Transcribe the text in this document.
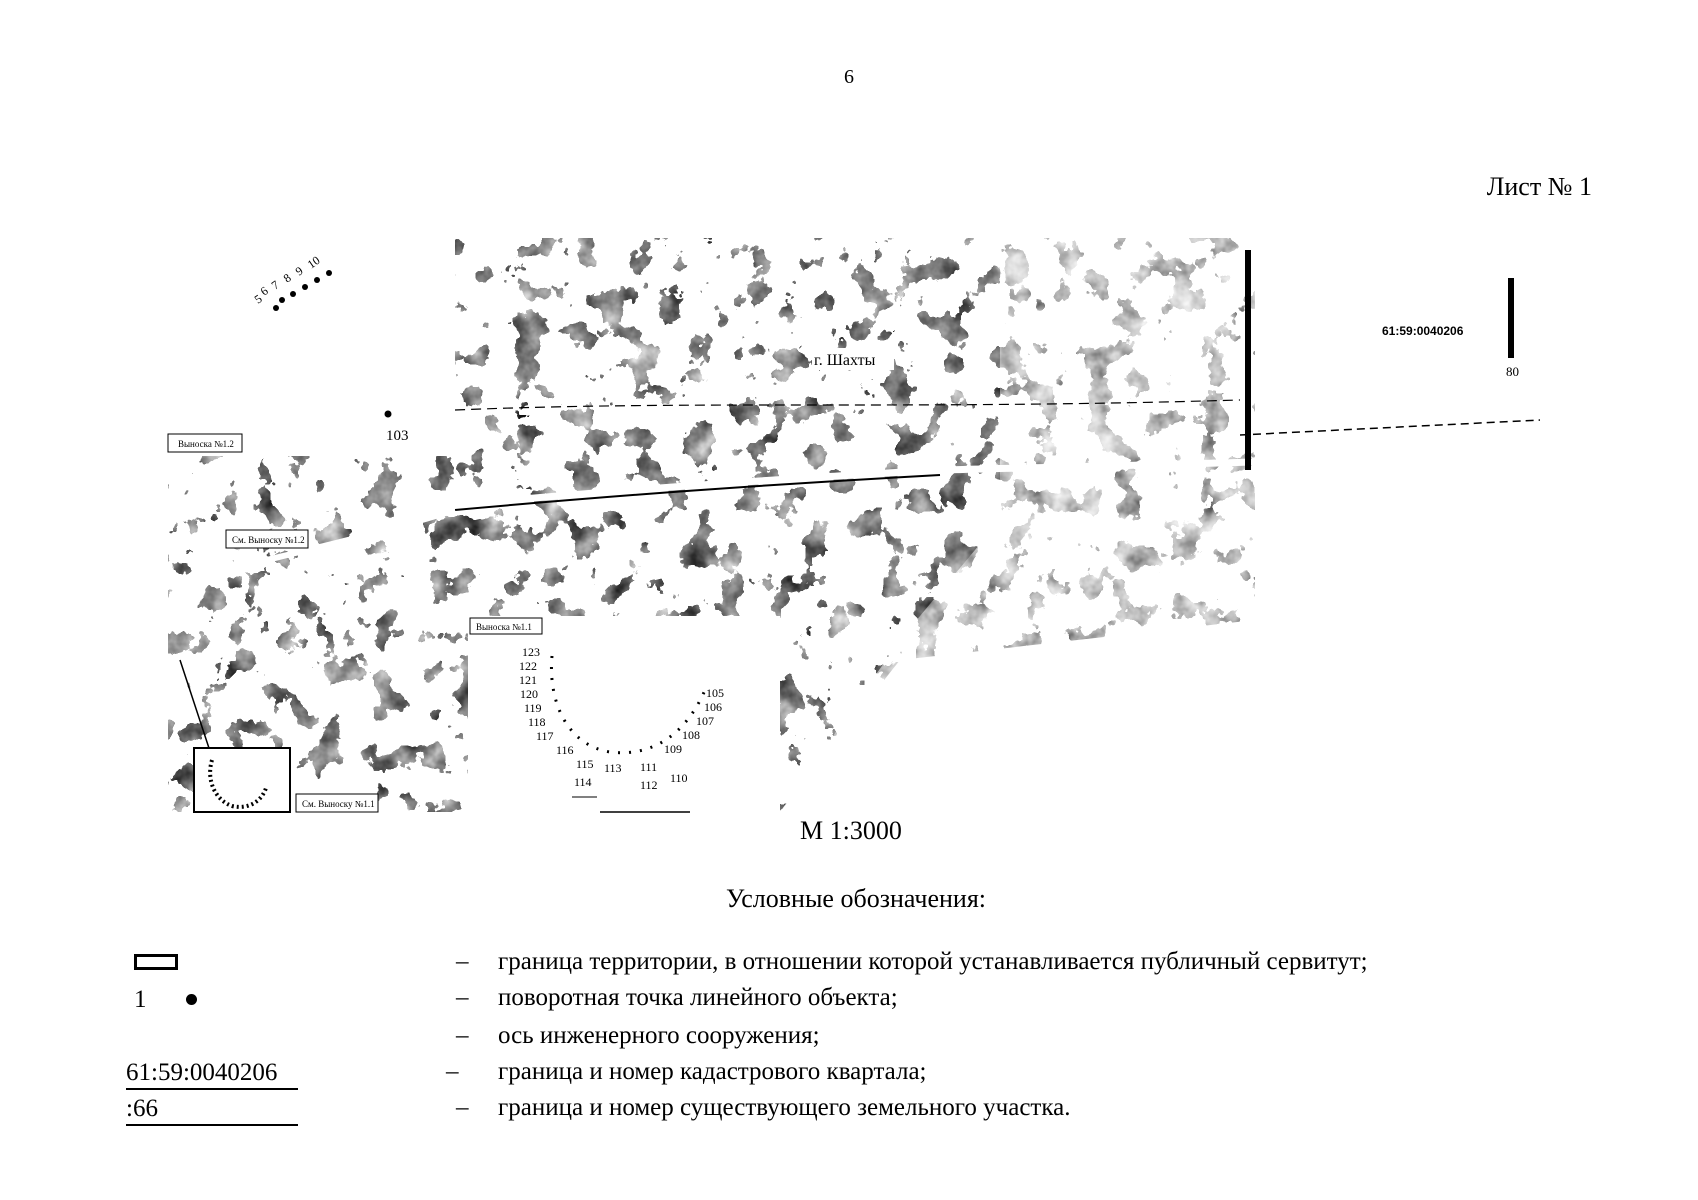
6
Лист № 1
Выноска №1.1
123
122
121
120
119
118
117
116
115
114
105
106
107
108
109
110
111
112
113
Выноска №1.2
См. Выноску №1.2
См. Выноску №1.1
г. Шахты
61:59:0040206
80
103
5
6
7 8 9 10
М 1:3000
Условные обозначения:
– граница территории, в отношении которой устанавливается публичный сервитут;
1	– поворотная точка линейного объекта;
– ось инженерного сооружения;
61:59:0040206	– граница и номер кадастрового квартала;
:66	– граница и номер существующего земельного участка.
